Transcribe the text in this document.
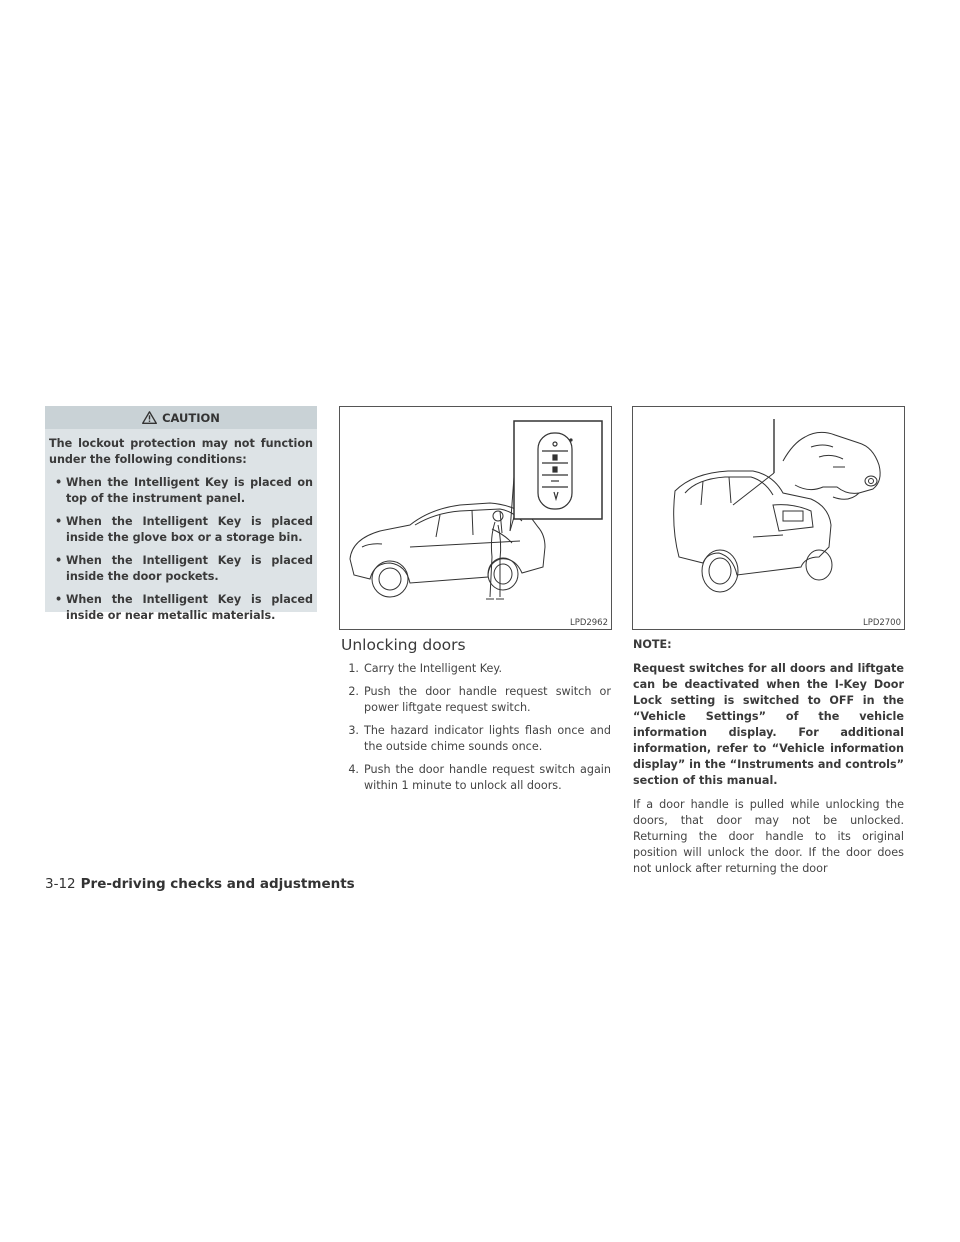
CAUTION

The lockout protection may not function under the following conditions:

• When the Intelligent Key is placed on top of the instrument panel.
• When the Intelligent Key is placed inside the glove box or a storage bin.
• When the Intelligent Key is placed inside the door pockets.
• When the Intelligent Key is placed inside or near metallic materials.
LPD2962	LPD2700
Unlocking doors
1. Carry the Intelligent Key.
2. Push the door handle request switch or power liftgate request switch.
3. The hazard indicator lights flash once and the outside chime sounds once.
4. Push the door handle request switch again within 1 minute to unlock all doors.

NOTE:

Request switches for all doors and liftgate can be deactivated when the I-Key Door Lock setting is switched to OFF in the “Vehicle Settings” of the vehicle information display. For additional information, refer to “Vehicle information display” in the “Instruments and controls” section of this manual.

If a door handle is pulled while unlocking the doors, that door may not be unlocked. Returning the door handle to its original position will unlock the door. If the door does not unlock after returning the door

3-12 Pre-driving checks and adjustments
